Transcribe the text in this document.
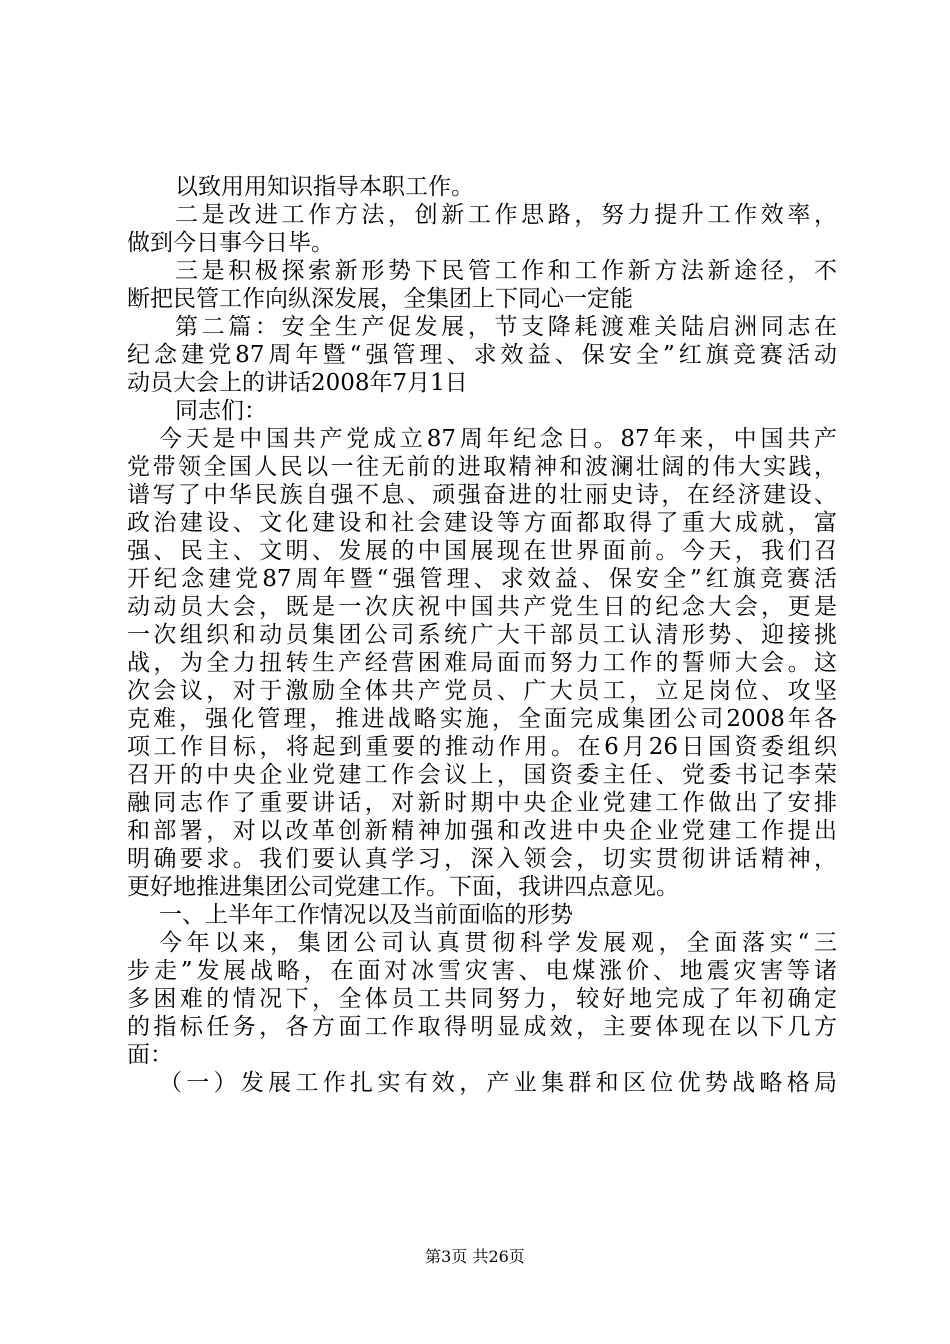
以致用用知识指导本职工作。
二是改进工作方法，创新工作思路，努力提升工作效率，
做到今日事今日毕。
三是积极探索新形势下民管工作和工作新方法新途径，不
断把民管工作向纵深发展，全集团上下同心一定能
第二篇：安全生产促发展，节支降耗渡难关陆启洲同志在
纪念建党87周年暨“强管理、求效益、保安全”红旗竞赛活动
动员大会上的讲话2008年7月1日
同志们：
今天是中国共产党成立87周年纪念日。87年来，中国共产
党带领全国人民以一往无前的进取精神和波澜壮阔的伟大实践，
谱写了中华民族自强不息、顽强奋进的壮丽史诗，在经济建设、
政治建设、文化建设和社会建设等方面都取得了重大成就，富
强、民主、文明、发展的中国展现在世界面前。今天，我们召
开纪念建党87周年暨“强管理、求效益、保安全”红旗竞赛活
动动员大会，既是一次庆祝中国共产党生日的纪念大会，更是
一次组织和动员集团公司系统广大干部员工认清形势、迎接挑
战，为全力扭转生产经营困难局面而努力工作的誓师大会。这
次会议，对于激励全体共产党员、广大员工，立足岗位、攻坚
克难，强化管理，推进战略实施，全面完成集团公司2008年各
项工作目标，将起到重要的推动作用。在6月26日国资委组织
召开的中央企业党建工作会议上，国资委主任、党委书记李荣
融同志作了重要讲话，对新时期中央企业党建工作做出了安排
和部署，对以改革创新精神加强和改进中央企业党建工作提出
明确要求。我们要认真学习，深入领会，切实贯彻讲话精神，
更好地推进集团公司党建工作。下面，我讲四点意见。
一、上半年工作情况以及当前面临的形势
今年以来，集团公司认真贯彻科学发展观，全面落实“三
步走”发展战略，在面对冰雪灾害、电煤涨价、地震灾害等诸
多困难的情况下，全体员工共同努力，较好地完成了年初确定
的指标任务，各方面工作取得明显成效，主要体现在以下几方
面：
（一）发展工作扎实有效，产业集群和区位优势战略格局
第3页 共26页
